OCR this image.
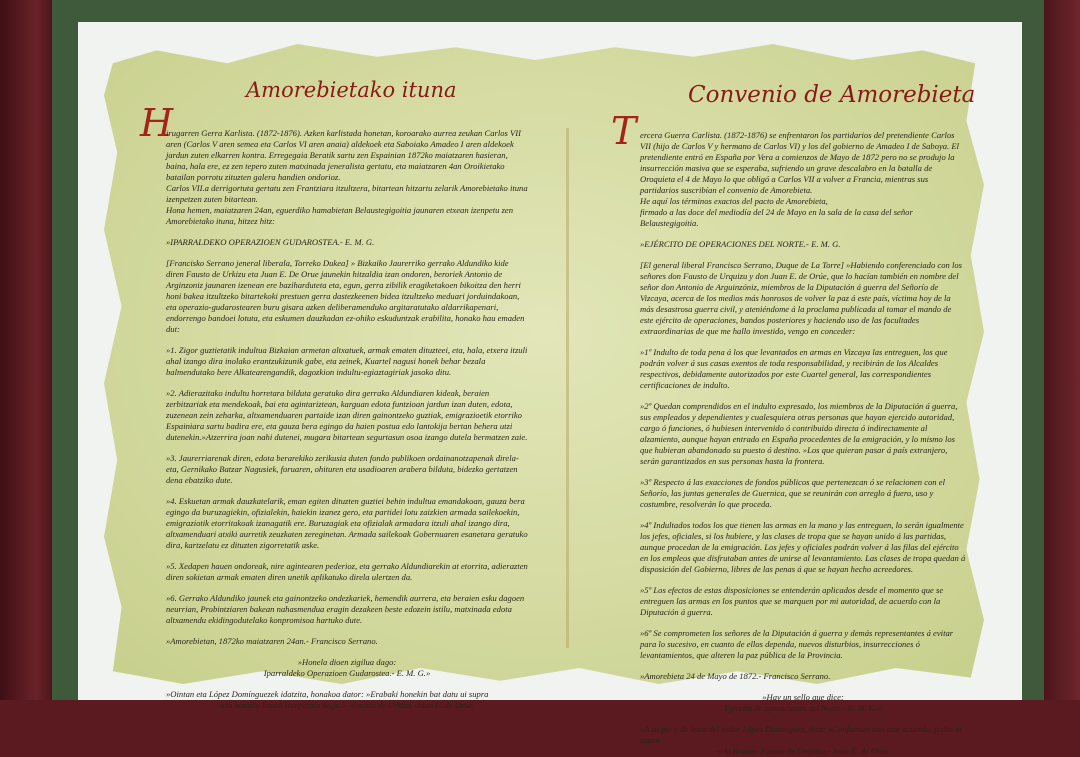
Amorebietako ituna	Convenio de Amorebieta
H	T

irugarren Gerra Karlista. (1872-1876). Azken karlistada honetan, koroarako aurrea zeukan Carlos VII aren (Carlos V aren semea eta Carlos VI aren anaia) aldekoek eta Saboiako Amadeo I aren aldekoek jardun zuten elkarren kontra. Erregegaia Beratik sartu zen Espainian 1872ko maiatzaren hasieran, baina, hala ere, ez zen tepero zuten matxinada jeneralista gertatu, eta maiatzaren 4an Oroikietako batailan porrotu zituzten galera handien ondorioz.

Carlos VII.a derrigortuta gertatu zen Frantziara itzultzera, bitartean hitzartu zelarik Amorebietako ituna izenpetzen zuten bitartean.

Hona hemen, maiatzaren 24an, eguerdiko hamabietan Belaustegigoitia jaunaren etxean izenpetu zen Amorebietako ituna, hitzez hitz:

»IPARRALDEKO OPERAZIOEN GUDAROSTEA.- E. M. G.

[Francisko Serrano jeneral liberala, Torreko Dukea] » Bizkaiko Jaurerriko gerrako Aldundiko kide diren Fausto de Urkizu eta Juan E. De Orue jaunekin hitzaldia izan ondoren, beroriek Antonio de Arginzoniz jaunaren izenean ere baziharduteta eta, egun, gerra zibilik eragiketakoen bikoitza den herri honi bakea itzultzeko bitartekoki prestuen gerra dastezkeenen bidea itzultzeko meduari jorduindakoan, eta operazio-gudarostearen buru gisara azken deliberamenduko argitaratutako aldarrikapenari, endorrengo bandoei lotuta, eta eskumen dauzkadan ez-ohiko eskuduntzak erabilita, honako hau emaden dut:

»1. Zigor guztietatik indultua Bizkaian armetan altxatuek, armak ematen dituzteei, eta, hala, etxera itzuli ahal izango dira inolako erantzukizunik gabe, eta zeinek, Kuartel nagusi honek behar bezala balmendutako bere Alkatearengandik, dagozkion indultu-egiaztagiriak jasoko ditu.

»2. Adierazitako indultu horretara bilduta geratuko dira gerrako Aldundiaren kideak, beraien zerbitzariak eta mendekoak, bai eta agintariztean, karguan edota funtzioan jardun izan duten, edota, zuzenean zein zeharka, altxamenduaren partaide izan diren gainontzeko guztiak, emigrazioetik etorriko Espainiara sartu badira ere, eta gauza bera egingo da haien postua edo lantokija bertan behera utzi dutenekin.»Atzerrira joan nahi dutenei, mugara bitartean segurtasun osoa izango dutela bermatzen zaie.

»3. Jaurerriarenak diren, edota berarekiko zerikusia duten fondo publikoen ordainanotzapenak direla-eta, Gernikako Batzar Nagusiek, foruaren, ohituren eta usadioaren arabera bilduta, bidezko gertatzen dena ebatziko dute.

»4. Eskuetan armak dauzkatelarik, eman egiten dituzten guztiei behin indultua emandakoan, gauza bera egingo da buruzagiekin, ofizialekin, haiekin izanez gero, eta partidei lotu zaizkien armada sailekoekin, emigraziotik etorritakoak izanagatik ere. Buruzagiak eta ofizialak armadara itzuli ahal izango dira, altxamenduari atxiki aurretik zeuzkaten zereginetan. Armada sailekoak Gobernuaren esanetara geratuko dira, kartzelatu ez dituzten zigorretatik aske.

»5. Xedapen hauen ondoreak, nire agintearen pederioz, eta gerrako Aldundiarekin at etorrita, adierazten diren sokietan armak ematen diren unetik aplikatuko direla ulertzen da.

»6. Gerrako Aldundiko jaunek eta gainontzeko ondezkariek, hemendik aurrera, eta beraien esku dagoen neurrian, Probintziaren bakean nahasmendua eragin dezakeen beste edozein istilu, matxinada edota altxamendu ekidingodutelako konpromisoa hartuko dute.

»Amorebietan, 1872ko maiatzaren 24an.- Francisco Serrano.

»Honela dioen zigilua dago:

Iparraldeko Operazioen Gudarostea.- E. M. G.»

»Ointan eta López Domínguezek idatzita, honakoa dator: »Erabaki honekin bat datu ui supra

-eta honako hauek izenpetuta dago:» -Fausto de Urkizu.-Juan E. de Orue.

ercera Guerra Carlista. (1872-1876) se enfrentaron los partidarios del pretendiente Carlos VII (hijo de Carlos V y hermano de Carlos VI) y los del gobierno de Amadeo I de Saboya. El pretendiente entró en España por Vera a comienzos de Mayo de 1872 pero no se produjo la insurrección masiva que se esperaba, sufriendo un grave descalabro en la batalla de Oroquieta el 4 de Mayo lo que obligó a Carlos VII a volver a Francia, mientras sus partidarios suscribían el convenio de Amorebieta.

He aquí los términos exactos del pacto de Amorebieta,

firmado a las doce del mediodía del 24 de Mayo en la sala de la casa del señor Belaustegigoitia.

»EJÉRCITO DE OPERACIONES DEL NORTE.- E. M. G.

[El general liberal Francisco Serrano, Duque de La Torre] »Habiendo conferenciado con los señores don Fausto de Urquizu y don Juan E. de Orúe, que lo hacían también en nombre del señor don Antonio de Arguinzóniz, miembros de la Diputación á guerra del Señorío de Vizcaya, acerca de los medios más honrosos de volver la paz á este país, víctima hoy de la más desastrosa guerra civil, y ateniéndome á la proclama publicada al tomar el mando de este ejército de operaciones, bandos posteriores y haciendo uso de las facultades extraordinarias de que me hallo investido, vengo en conceder:

»1º Indulto de toda pena á los que levantados en armas en Vizcaya las entreguen, los que podrán volver á sus casas exentos de toda responsabilidad, y recibirán de los Alcaldes respectivos, debidamente autorizados por este Cuartel general, las correspondientes certificaciones de indulto.

»2º Quedan comprendidos en el indulto expresado, los miembros de la Diputación á guerra, sus empleados y dependientes y cualesquiera otras personas que hayan ejercido autoridad, cargo ó funciones, ó hubiesen intervenido ó contribuido directa ó indirectamente al alzamiento, aunque hayan entrado en España procedentes de la emigración, y lo mismo los que hubieran abandonado su puesto ó destino. »Los que quieran pasar á país extranjero, serán garantizados en sus personas hasta la frontera.

»3º Respecto á las exacciones de fondos públicos que pertenezcan ó se relacionen con el Señorío, las juntas generales de Guernica, que se reunirán con arreglo á fuero, uso y costumbre, resolverán lo que proceda.

»4º Indultados todos los que tienen las armas en la mano y las entreguen, lo serán igualmente los jefes, oficiales, si los hubiere, y las clases de tropa que se hayan unido á las partidas, aunque procedan de la emigración. Los jefes y oficiales podrán volver á las filas del ejército en los empleos que disfrutaban antes de unirse al levantamiento. Las clases de tropa quedan á disposición del Gobierno, libres de las penas á que se hayan hecho acreedores.

»5º Los efectos de estas disposiciones se entenderán aplicados desde el momento que se entreguen las armas en los puntos que se marquen por mi autoridad, de acuerdo con la Diputación á guerra.

»6º Se comprometen los señores de la Diputación á guerra y demás representantes á evitar para lo sucesivo, en cuanto de ellos dependa, nuevos disturbios, insurrecciones ó levantamientos, que alteren la paz pública de la Provincia.

»Amorebieta 24 de Mayo de 1872.- Francisco Serrano.

»Hay un sello que dice:

Ejército de operaciones del Norte.- E. M. G.»

»A su pie y de letra del señor López Domínguez, dice: »Conformes con este acuerdo, fecha ut supra

-y lo firman- Fausto de Urquizu.- Juan E. de Orúe.
